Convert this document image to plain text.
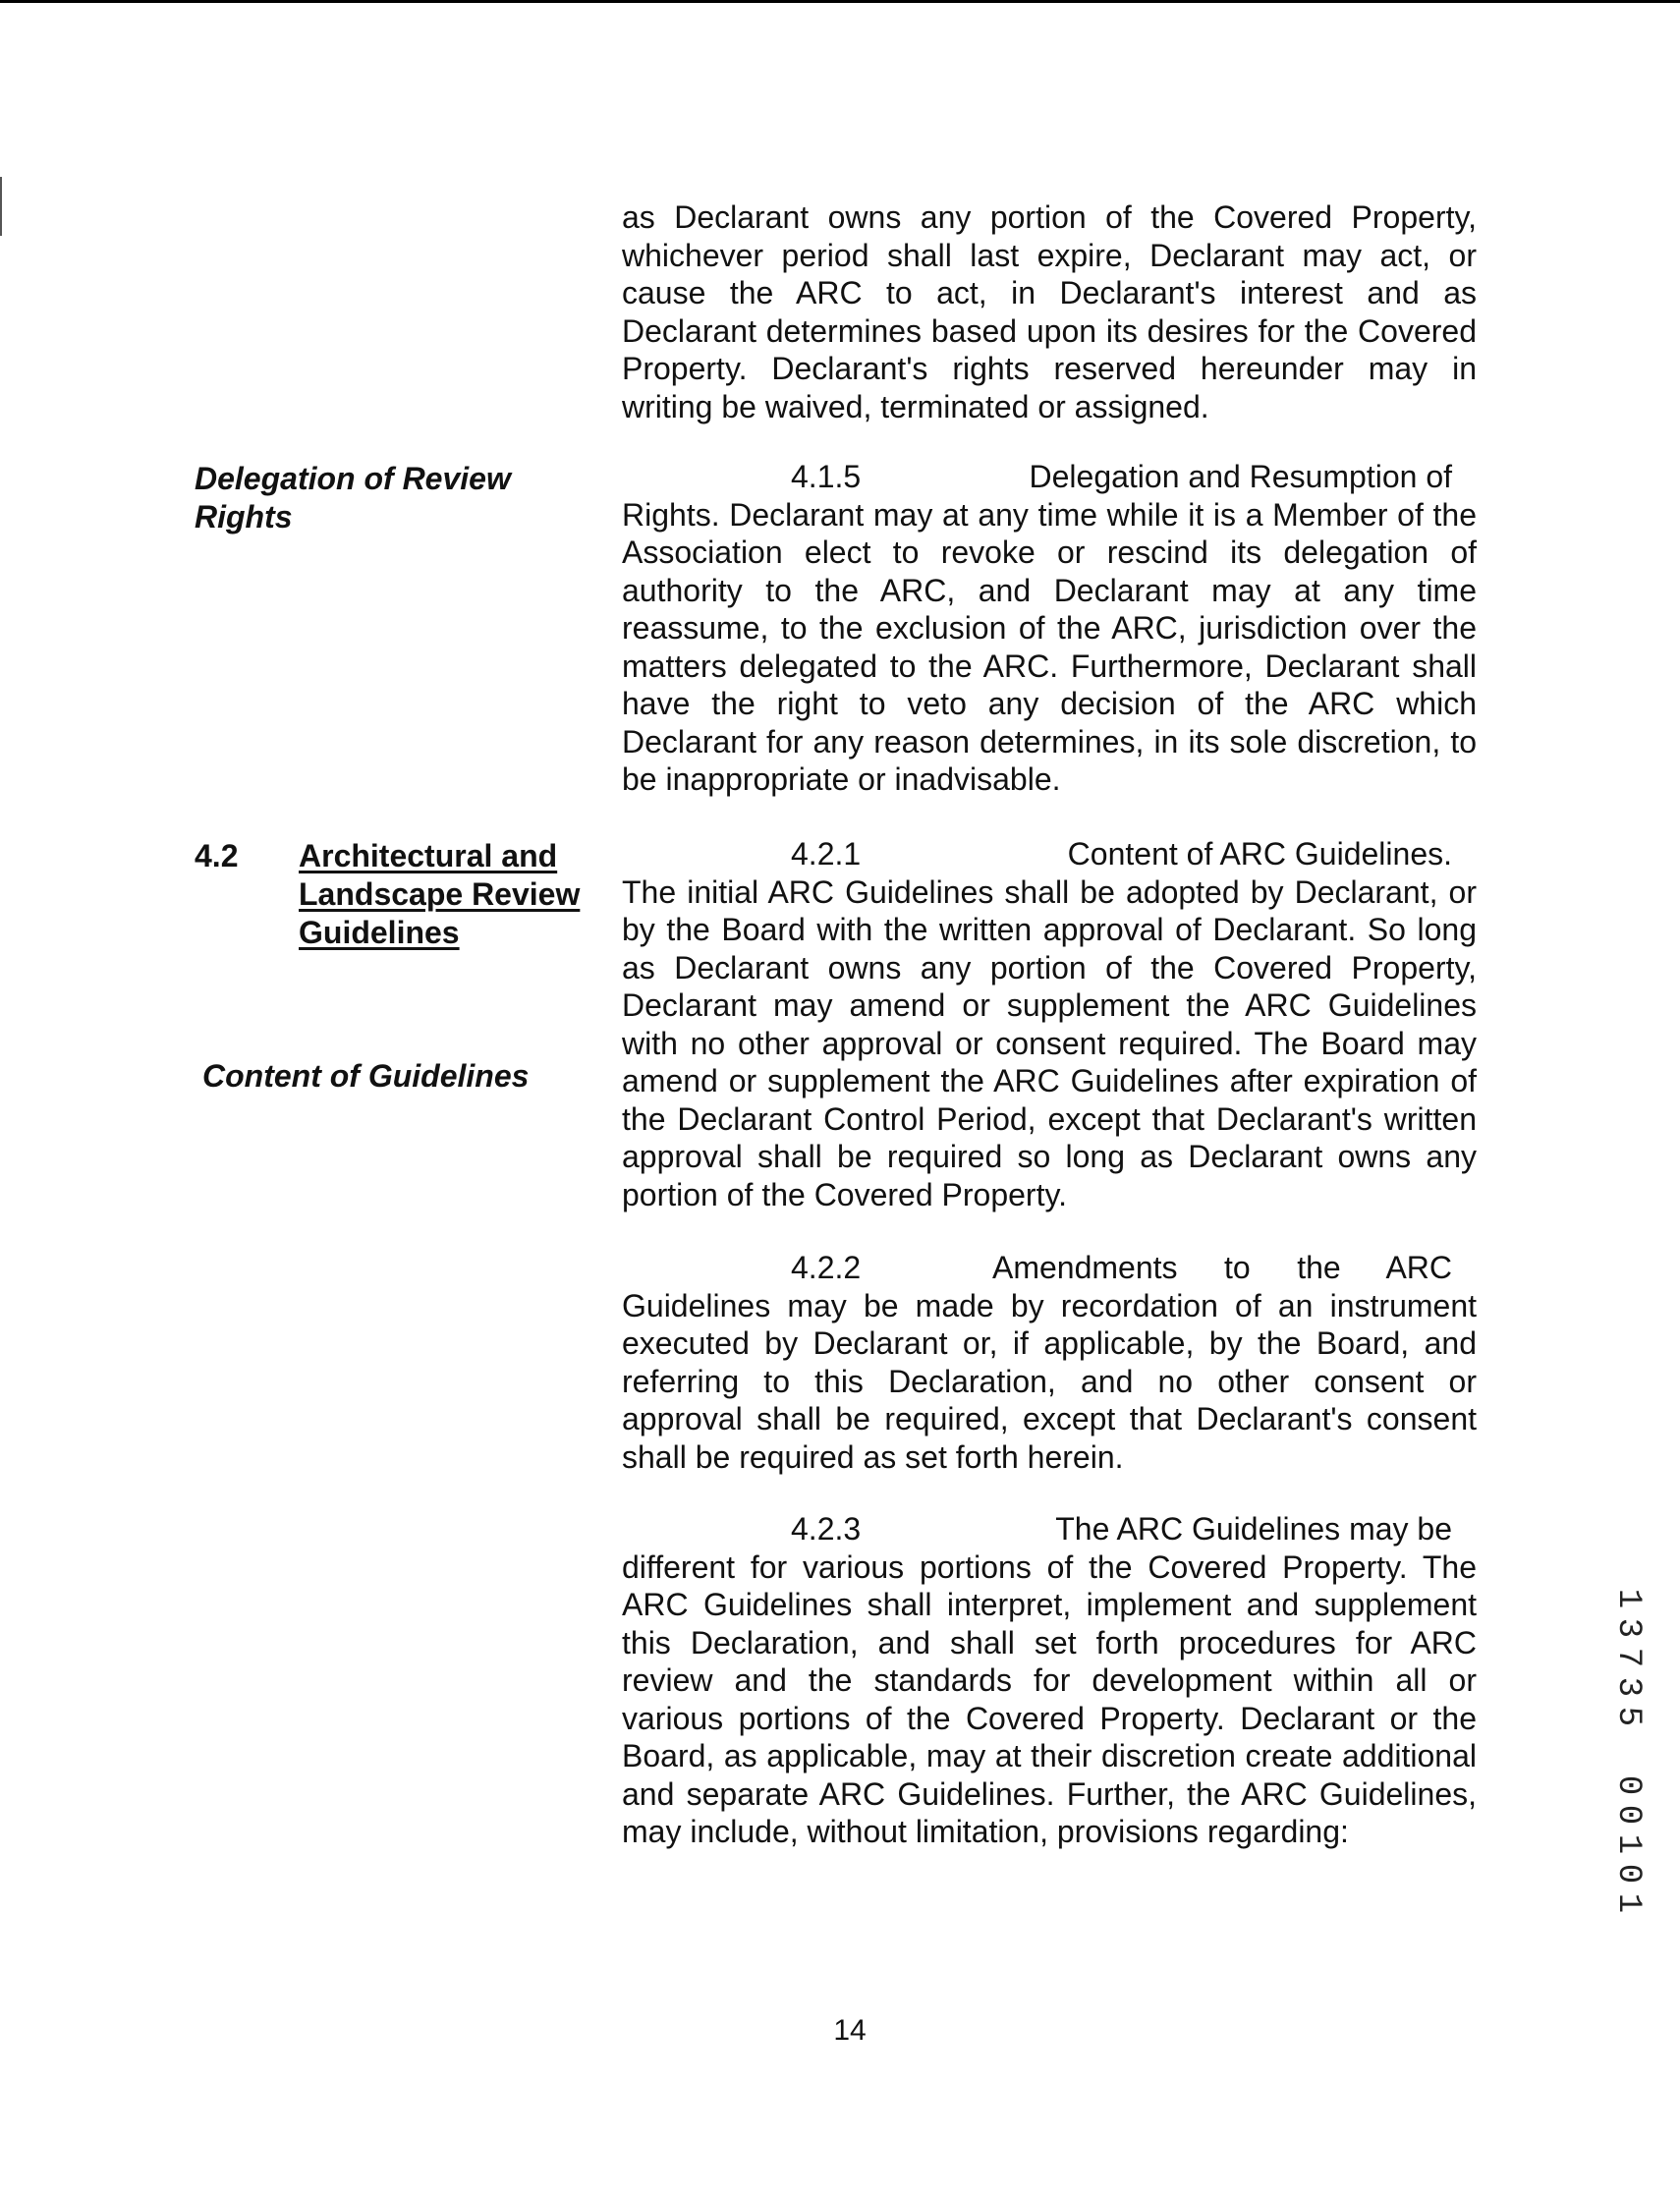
as Declarant owns any portion of the Covered Property, whichever period shall last expire, Declarant may act, or cause the ARC to act, in Declarant's interest and as Declarant determines based upon its desires for the Covered Property. Declarant's rights reserved hereunder may in writing be waived, terminated or assigned.

Delegation of Review
Rights

4.1.5	Delegation and Resumption of Rights. Declarant may at any time while it is a Member of the Association elect to revoke or rescind its delegation of authority to the ARC, and Declarant may at any time reassume, to the exclusion of the ARC, jurisdiction over the matters delegated to the ARC. Furthermore, Declarant shall have the right to veto any decision of the ARC which Declarant for any reason determines, in its sole discretion, to be inappropriate or inadvisable.

4.2 Architectural and
Landscape Review
Guidelines

Content of Guidelines

4.2.1	Content of ARC Guidelines. The initial ARC Guidelines shall be adopted by Declarant, or by the Board with the written approval of Declarant. So long as Declarant owns any portion of the Covered Property, Declarant may amend or supplement the ARC Guidelines with no other approval or consent required. The Board may amend or supplement the ARC Guidelines after expiration of the Declarant Control Period, except that Declarant's written approval shall be required so long as Declarant owns any portion of the Covered Property.

4.2.2	Amendments to the ARC Guidelines may be made by recordation of an instrument executed by Declarant or, if applicable, by the Board, and referring to this Declaration, and no other consent or approval shall be required, except that Declarant's consent shall be required as set forth herein.

4.2.3	The ARC Guidelines may be different for various portions of the Covered Property. The ARC Guidelines shall interpret, implement and supplement this Declaration, and shall set forth procedures for ARC review and the standards for development within all or various portions of the Covered Property. Declarant or the Board, as applicable, may at their discretion create additional and separate ARC Guidelines. Further, the ARC Guidelines, may include, without limitation, provisions regarding:

14
1
3
7
3
5
0
0
1
0
1
